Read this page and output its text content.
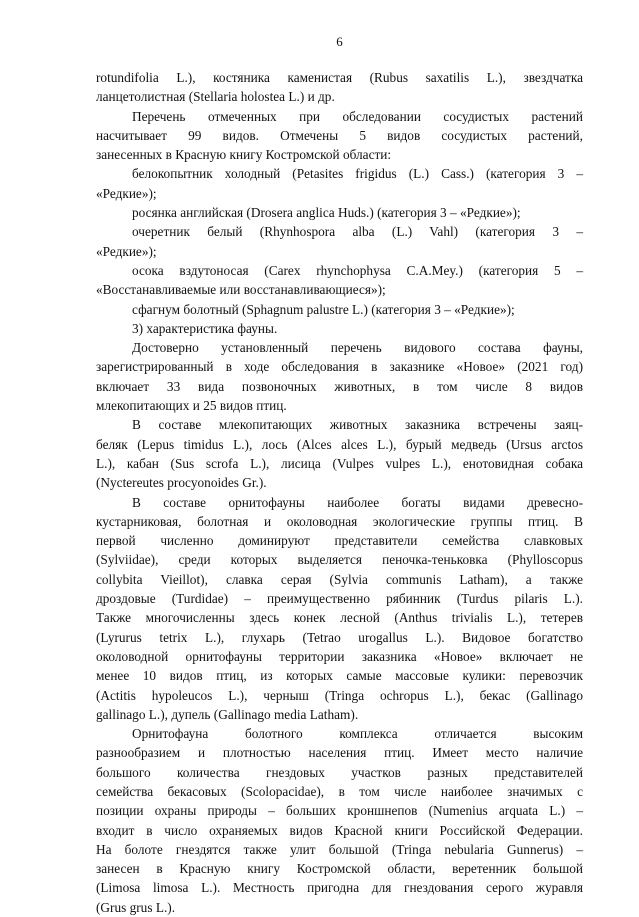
6
rotundifolia L.), костяника каменистая (Rubus saxatilis L.), звездчатка
ланцетолистная (Stellaria holostea L.) и др.
Перечень отмеченных при обследовании сосудистых растений
насчитывает 99 видов. Отмечены 5 видов сосудистых растений,
занесенных в Красную книгу Костромской области:
белокопытник холодный (Petasites frigidus (L.) Cass.) (категория 3 –
«Редкие»);
росянка английская (Drosera anglica Huds.) (категория 3 – «Редкие»);
очеретник белый (Rhynhospora alba (L.) Vahl) (категория 3 –
«Редкие»);
осока вздутоносая (Carex rhynchophysa C.A.Mey.) (категория 5 –
«Восстанавливаемые или восстанавливающиеся»);
сфагнум болотный (Sphagnum palustre L.) (категория 3 – «Редкие»);
3) характеристика фауны.
Достоверно установленный перечень видового состава фауны,
зарегистрированный в ходе обследования в заказнике «Новое» (2021 год)
включает 33 вида позвоночных животных, в том числе 8 видов
млекопитающих и 25 видов птиц.
В составе млекопитающих животных заказника встречены заяц-
беляк (Lepus timidus L.), лось (Alces alces L.), бурый медведь (Ursus arctos
L.), кабан (Sus scrofa L.), лисица (Vulpes vulpes L.), енотовидная собака
(Nyctereutes procyonoides Gr.).
В составе орнитофауны наиболее богаты видами древесно-
кустарниковая, болотная и околоводная экологические группы птиц. В
первой численно доминируют представители семейства славковых
(Sylviidae), среди которых выделяется пеночка-теньковка (Phylloscopus
collybita Vieillot), славка серая (Sylvia communis Latham), а также
дроздовые (Turdidae) – преимущественно рябинник (Turdus pilaris L.).
Также многочисленны здесь конек лесной (Anthus trivialis L.), тетерев
(Lyrurus tetrix L.), глухарь (Tetrao urogallus L.). Видовое богатство
околоводной орнитофауны территории заказника «Новое» включает не
менее 10 видов птиц, из которых самые массовые кулики: перевозчик
(Actitis hypoleucos L.), черныш (Tringa ochropus L.), бекас (Gallinago
gallinago L.), дупель (Gallinago media Latham).
Орнитофауна болотного комплекса отличается высоким
разнообразием и плотностью населения птиц. Имеет место наличие
большого количества гнездовых участков разных представителей
семейства бекасовых (Scolopacidae), в том числе наиболее значимых с
позиции охраны природы – больших кроншнепов (Numenius arquata L.) –
входит в число охраняемых видов Красной книги Российской Федерации.
На болоте гнездятся также улит большой (Tringa nebularia Gunnerus) –
занесен в Красную книгу Костромской области, веретенник большой
(Limosa limosa L.). Местность пригодна для гнездования серого журавля
(Grus grus L.).
